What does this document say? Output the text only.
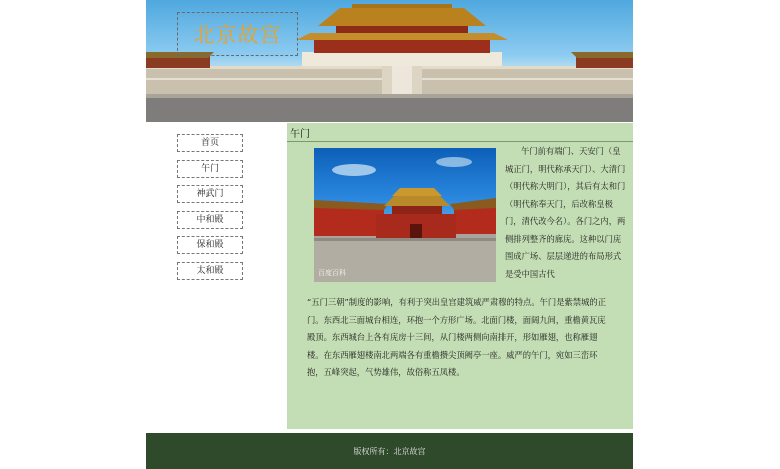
北京故宫
首页
午门
神武门
中和殿
保和殿
太和殿
午门
百度百科

午门前有端门、天安门（皇城正门，明代称承天门）、大清门（明代称大明门），其后有太和门（明代称奉天门，后改称皇极门，清代改今名）。各门之内，两侧排列整齐的廊庑。这种以门庑围成广场、层层递进的布局形式是受中国古代

“五门三朝”制度的影响，有利于突出皇宫建筑威严肃穆的特点。午门是紫禁城的正门。东西北三面城台相连，环抱一个方形广场。北面门楼，面阔九间，重檐黄瓦庑殿顶。东西城台上各有庑房十三间，从门楼两侧向南排开，形如雁翅，也称雁翅楼。在东西雁翅楼南北两端各有重檐攒尖顶阙亭一座。威严的午门，宛如三峦环抱，五峰突起，气势雄伟，故俗称五凤楼。

版权所有：北京故宫
